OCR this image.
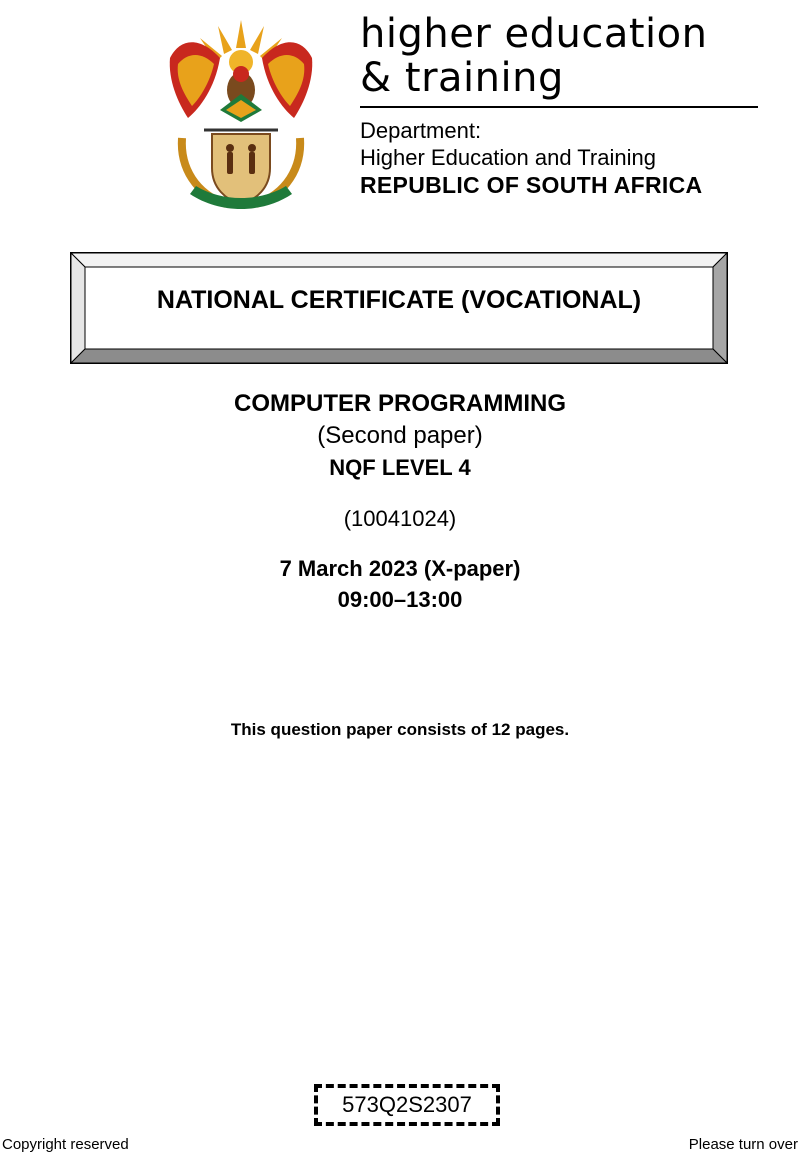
higher education
& training
Department:
Higher Education and Training
REPUBLIC OF SOUTH AFRICA
NATIONAL CERTIFICATE (VOCATIONAL)
COMPUTER PROGRAMMING
(Second paper)
NQF LEVEL 4
(10041024)
7 March 2023 (X-paper)
09:00–13:00
This question paper consists of 12 pages.
573Q2S2307
Copyright reserved	Please turn over
